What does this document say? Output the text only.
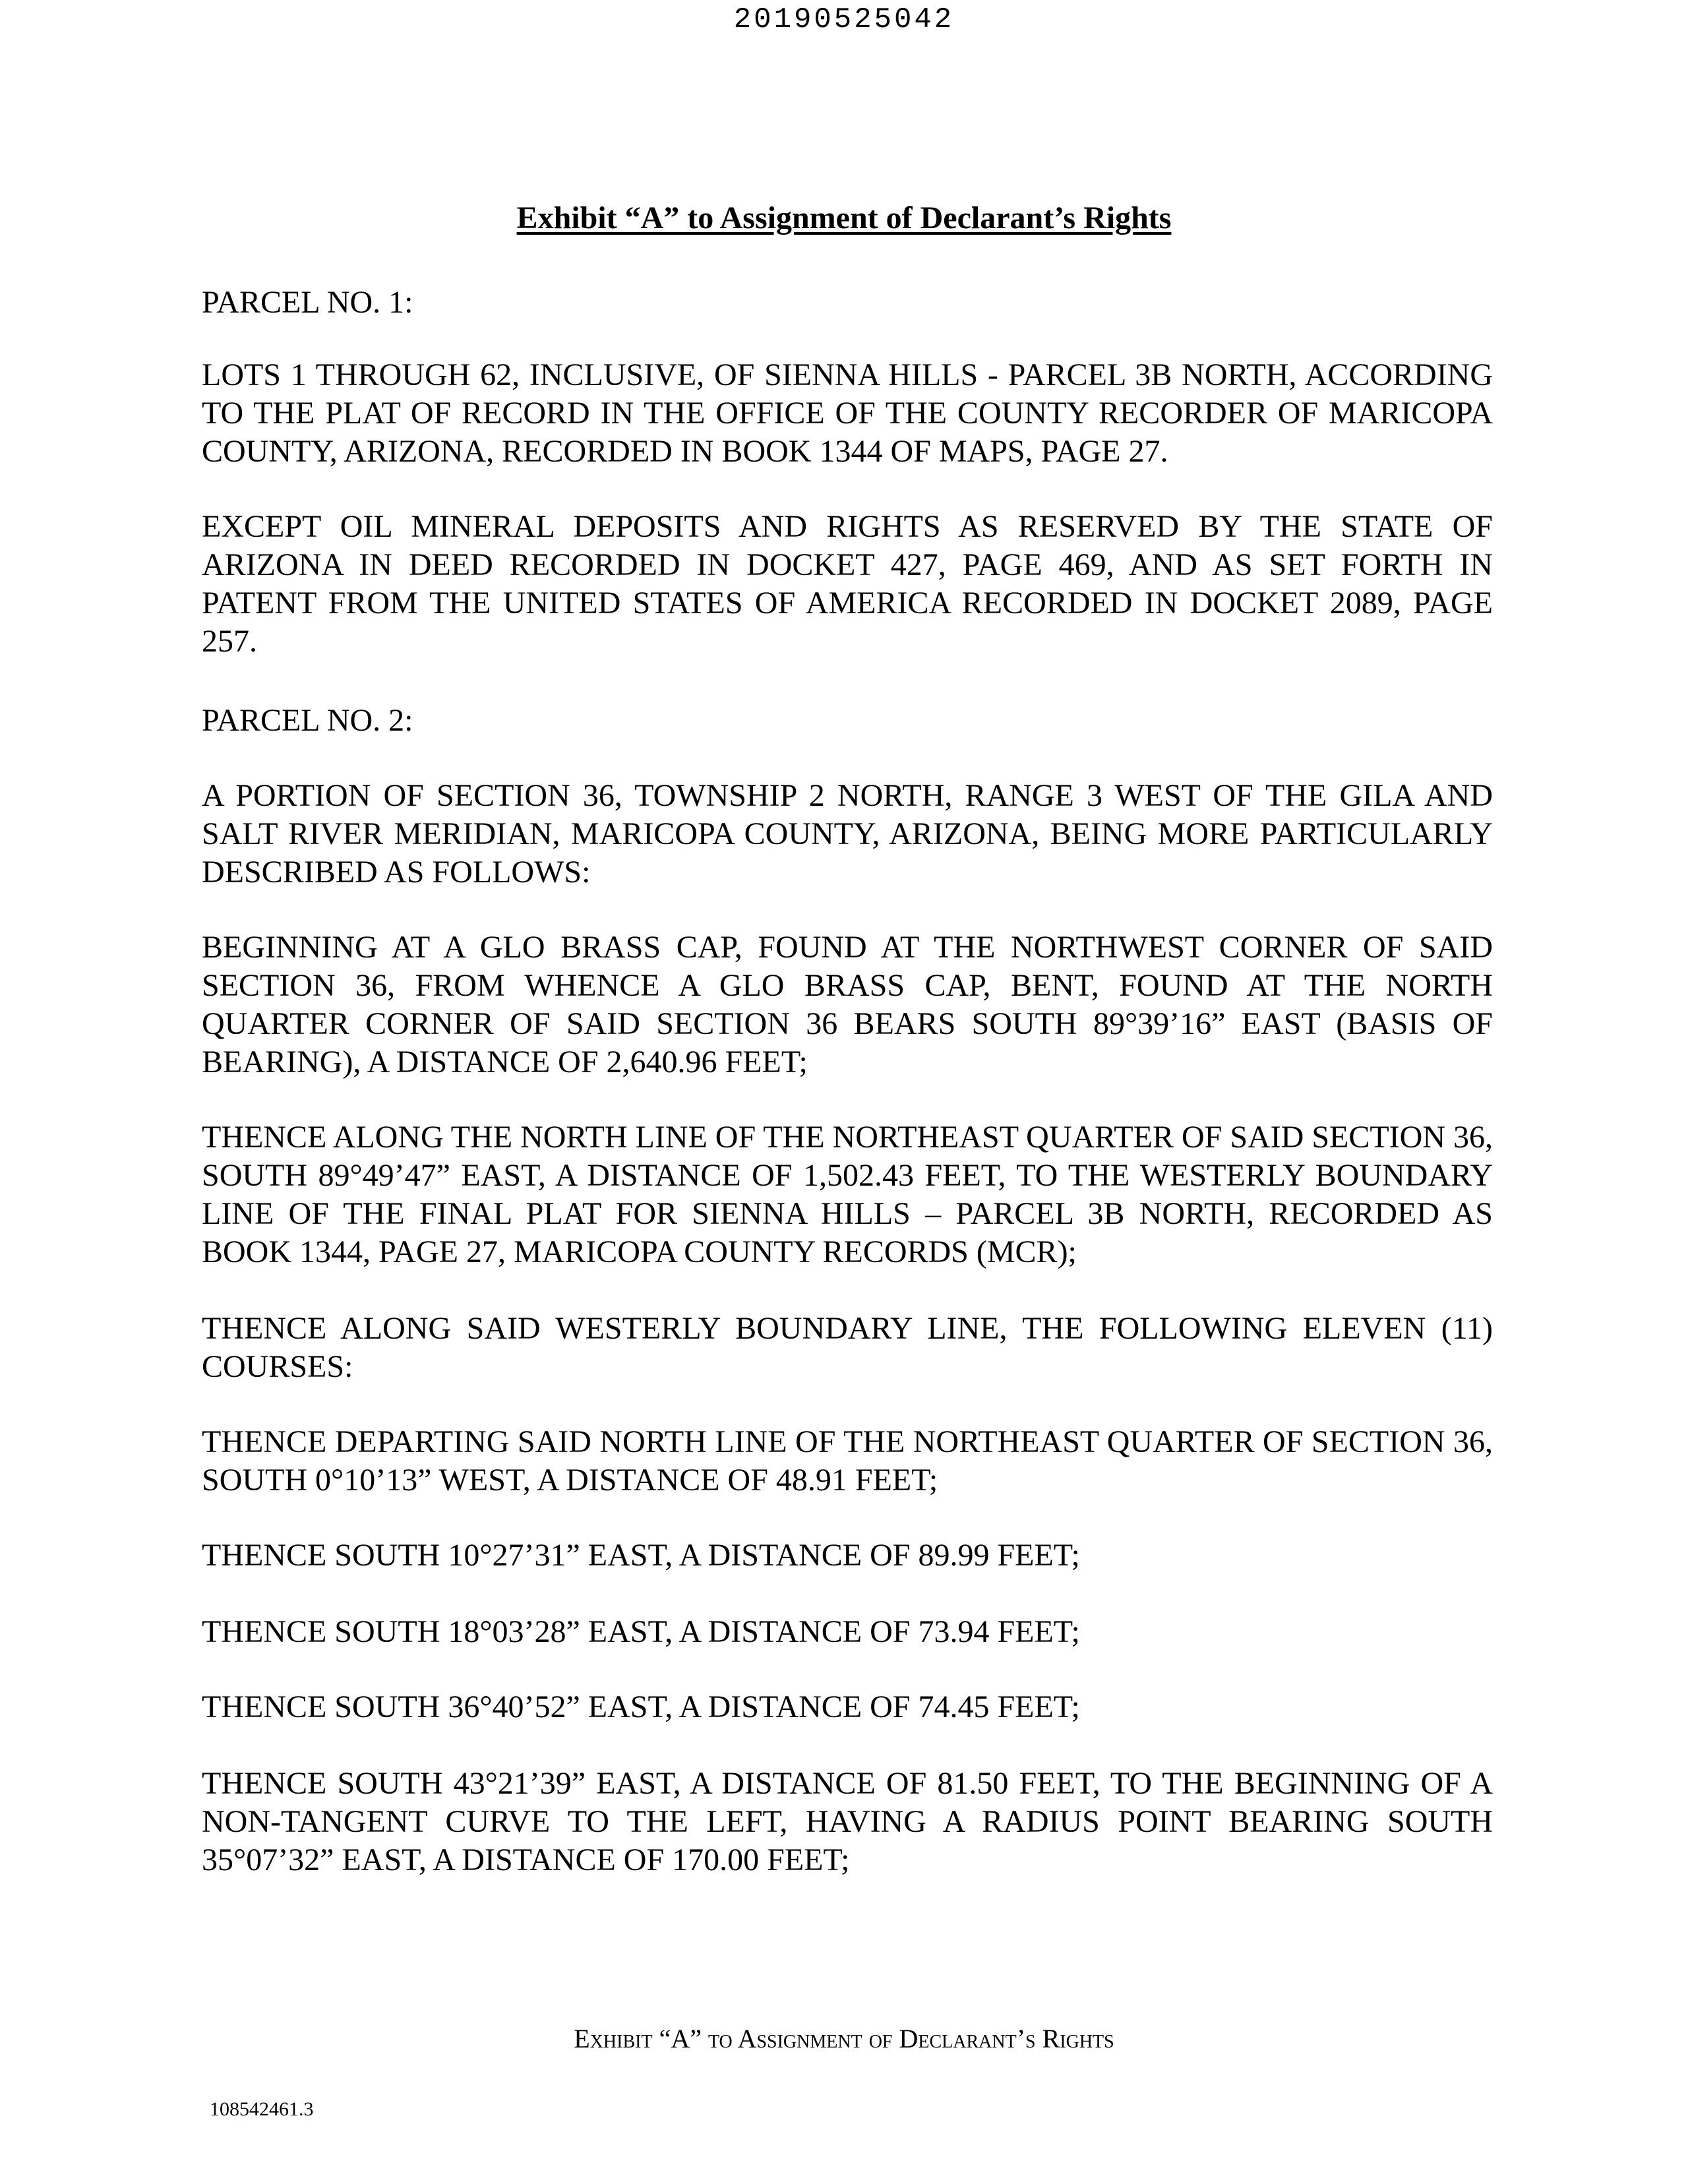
20190525042
Exhibit “A” to Assignment of Declarant’s Rights
PARCEL NO. 1:
LOTS 1 THROUGH 62, INCLUSIVE, OF SIENNA HILLS - PARCEL 3B NORTH, ACCORDING TO THE PLAT OF RECORD IN THE OFFICE OF THE COUNTY RECORDER OF MARICOPA COUNTY, ARIZONA, RECORDED IN BOOK 1344 OF MAPS, PAGE 27.
EXCEPT OIL MINERAL DEPOSITS AND RIGHTS AS RESERVED BY THE STATE OF ARIZONA IN DEED RECORDED IN DOCKET 427, PAGE 469, AND AS SET FORTH IN PATENT FROM THE UNITED STATES OF AMERICA RECORDED IN DOCKET 2089, PAGE 257.
PARCEL NO. 2:
A PORTION OF SECTION 36, TOWNSHIP 2 NORTH, RANGE 3 WEST OF THE GILA AND SALT RIVER MERIDIAN, MARICOPA COUNTY, ARIZONA, BEING MORE PARTICULARLY DESCRIBED AS FOLLOWS:
BEGINNING AT A GLO BRASS CAP, FOUND AT THE NORTHWEST CORNER OF SAID SECTION 36, FROM WHENCE A GLO BRASS CAP, BENT, FOUND AT THE NORTH QUARTER CORNER OF SAID SECTION 36 BEARS SOUTH 89°39’16” EAST (BASIS OF BEARING), A DISTANCE OF 2,640.96 FEET;
THENCE ALONG THE NORTH LINE OF THE NORTHEAST QUARTER OF SAID SECTION 36, SOUTH 89°49’47” EAST, A DISTANCE OF 1,502.43 FEET, TO THE WESTERLY BOUNDARY LINE OF THE FINAL PLAT FOR SIENNA HILLS – PARCEL 3B NORTH, RECORDED AS BOOK 1344, PAGE 27, MARICOPA COUNTY RECORDS (MCR);
THENCE ALONG SAID WESTERLY BOUNDARY LINE, THE FOLLOWING ELEVEN (11) COURSES:
THENCE DEPARTING SAID NORTH LINE OF THE NORTHEAST QUARTER OF SECTION 36, SOUTH 0°10’13” WEST, A DISTANCE OF 48.91 FEET;
THENCE SOUTH 10°27’31” EAST, A DISTANCE OF 89.99 FEET;
THENCE SOUTH 18°03’28” EAST, A DISTANCE OF 73.94 FEET;
THENCE SOUTH 36°40’52” EAST, A DISTANCE OF 74.45 FEET;
THENCE SOUTH 43°21’39” EAST, A DISTANCE OF 81.50 FEET, TO THE BEGINNING OF A NON-TANGENT CURVE TO THE LEFT, HAVING A RADIUS POINT BEARING SOUTH 35°07’32” EAST, A DISTANCE OF 170.00 FEET;
Exhibit “A” to Assignment of Declarant’s Rights
108542461.3
